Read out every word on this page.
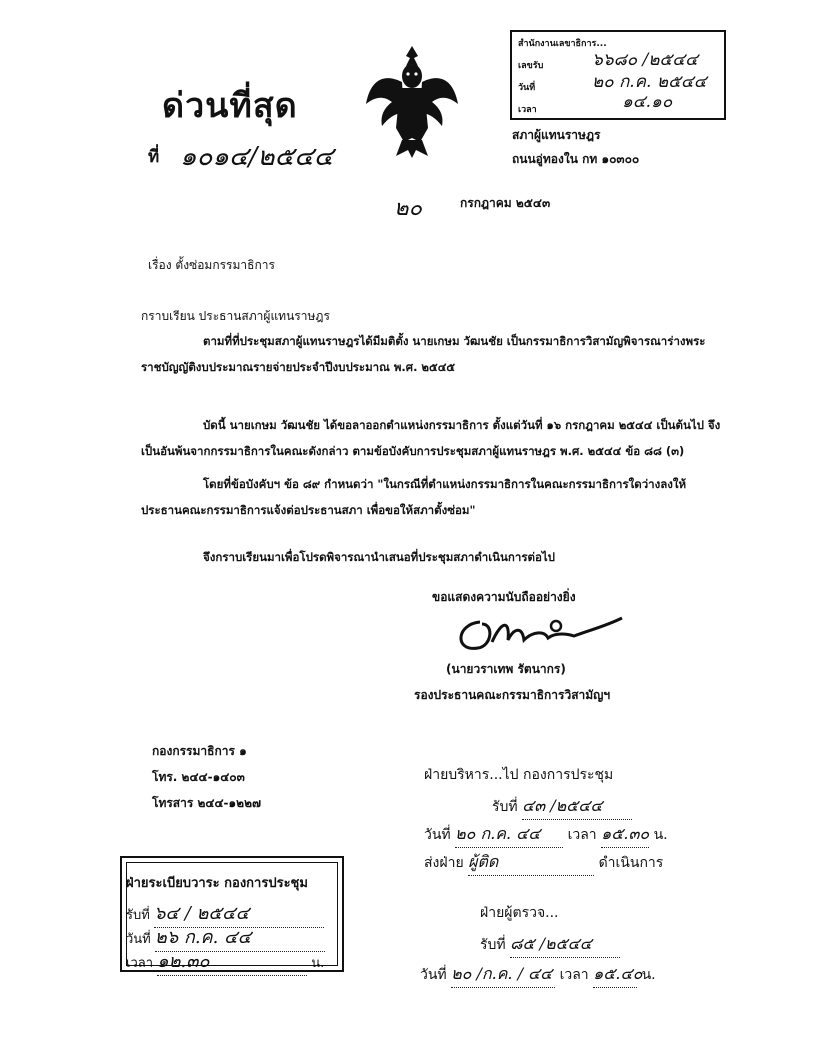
ด่วนที่สุด
ที่ ๑๐๑๔/๒๕๔๔
สำนักงานเลขาธิการ...
เลขรับ	๖๖๘๐ /๒๕๔๔
วันที่	๒๐ ก.ค. ๒๕๔๔
เวลา	๑๔.๑๐
สภาผู้แทนราษฎร
ถนนอู่ทองใน กท ๑๐๓๐๐
๒๐	กรกฎาคม ๒๕๔๓
เรื่อง ตั้งซ่อมกรรมาธิการ
กราบเรียน ประธานสภาผู้แทนราษฎร
ตามที่ที่ประชุมสภาผู้แทนราษฎรได้มีมติตั้ง นายเกษม วัฒนชัย เป็นกรรมาธิการวิสามัญพิจารณาร่างพระราชบัญญัติงบประมาณรายจ่ายประจำปีงบประมาณ พ.ศ. ๒๕๔๕
บัดนี้ นายเกษม วัฒนชัย ได้ขอลาออกตำแหน่งกรรมาธิการ ตั้งแต่วันที่ ๑๖ กรกฎาคม ๒๕๔๔ เป็นต้นไป จึงเป็นอันพ้นจากกรรมาธิการในคณะดังกล่าว ตามข้อบังคับการประชุมสภาผู้แทนราษฎร พ.ศ. ๒๕๔๔ ข้อ ๘๘ (๓)
โดยที่ข้อบังคับฯ ข้อ ๘๙ กำหนดว่า "ในกรณีที่ตำแหน่งกรรมาธิการในคณะกรรมาธิการใดว่างลงให้ประธานคณะกรรมาธิการแจ้งต่อประธานสภา เพื่อขอให้สภาตั้งซ่อม"
จึงกราบเรียนมาเพื่อโปรดพิจารณานำเสนอที่ประชุมสภาดำเนินการต่อไป
ขอแสดงความนับถืออย่างยิ่ง
(นายวราเทพ รัตนากร)
รองประธานคณะกรรมาธิการวิสามัญฯ
กองกรรมาธิการ ๑
โทร. ๒๔๔-๑๔๐๓
โทรสาร ๒๔๔-๑๒๒๗
ฝ่ายบริหาร...ไป กองการประชุม
รับที่ ๔๓ /๒๕๔๔
วันที่ ๒๐ ก.ค. ๔๔ เวลา ๑๕.๓๐ น.
ส่งฝ่าย ผู้ติด	ดำเนินการ
ฝ่ายผู้ตรวจ...
รับที่ ๘๕ /๒๕๔๔
วันที่ ๒๐ /ก.ค. / ๔๔ เวลา ๑๕.๔๐ น.
ฝ่ายระเบียบวาระ กองการประชุม
รับที่ ๖๔ / ๒๕๔๔
วันที่ ๒๖ ก.ค. ๔๔
เวลา ๑๒.๓๐	น.
